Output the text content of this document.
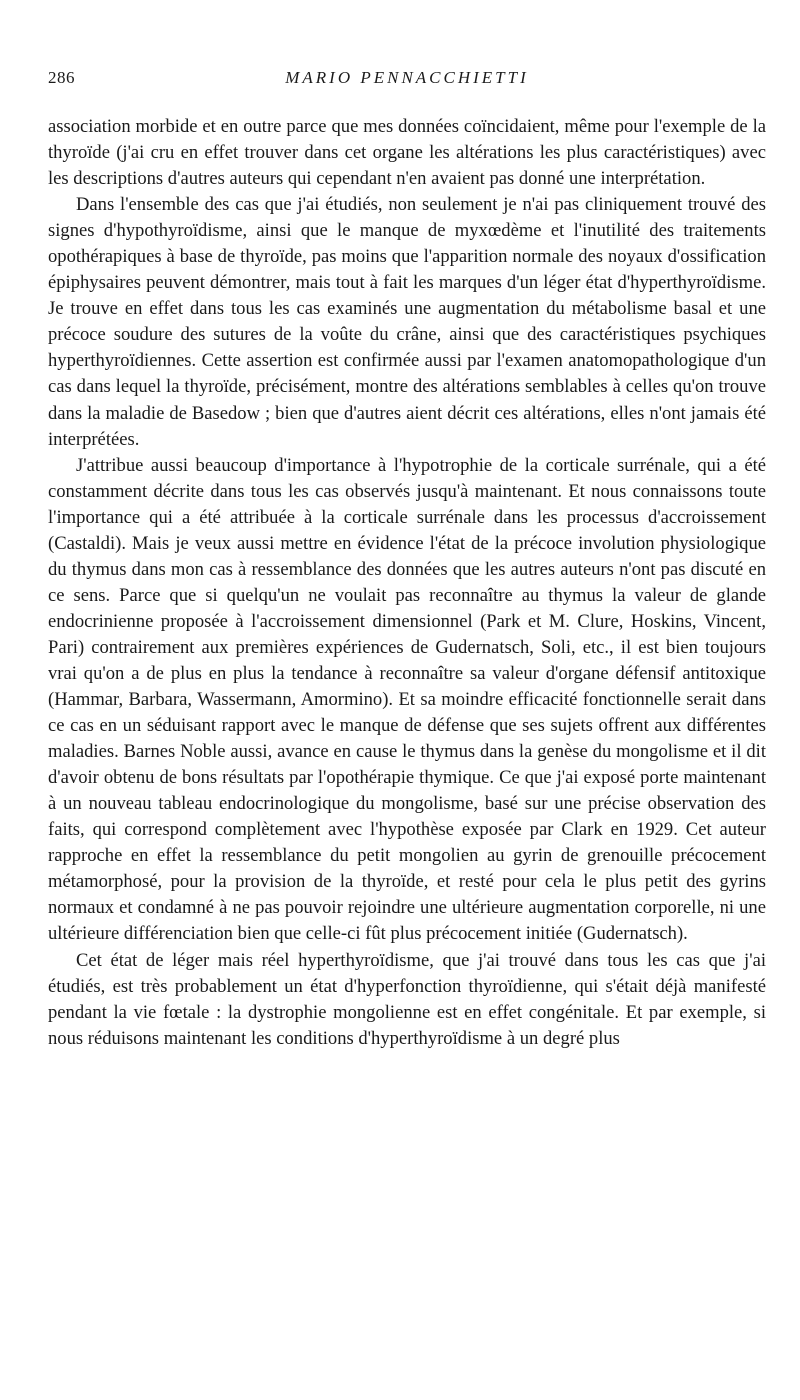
286	MARIO PENNACCHIETTI

association morbide et en outre parce que mes données coïncidaient, même pour l'exemple de la thyroïde (j'ai cru en effet trouver dans cet organe les altérations les plus caractéristiques) avec les descriptions d'autres auteurs qui cependant n'en avaient pas donné une interprétation.

Dans l'ensemble des cas que j'ai étudiés, non seulement je n'ai pas cliniquement trouvé des signes d'hypothyroïdisme, ainsi que le manque de myxœdème et l'inutilité des traitements opothérapiques à base de thyroïde, pas moins que l'apparition normale des noyaux d'ossification épiphysaires peuvent démontrer, mais tout à fait les marques d'un léger état d'hyperthyroïdisme. Je trouve en effet dans tous les cas examinés une augmentation du métabolisme basal et une précoce soudure des sutures de la voûte du crâne, ainsi que des caractéristiques psychiques hyperthyroïdiennes. Cette assertion est confirmée aussi par l'examen anatomopathologique d'un cas dans lequel la thyroïde, précisément, montre des altérations semblables à celles qu'on trouve dans la maladie de Basedow ; bien que d'autres aient décrit ces altérations, elles n'ont jamais été interprétées.

J'attribue aussi beaucoup d'importance à l'hypotrophie de la corticale surrénale, qui a été constamment décrite dans tous les cas observés jusqu'à maintenant. Et nous connaissons toute l'importance qui a été attribuée à la corticale surrénale dans les processus d'accroissement (Castaldi). Mais je veux aussi mettre en évidence l'état de la précoce involution physiologique du thymus dans mon cas à ressemblance des données que les autres auteurs n'ont pas discuté en ce sens. Parce que si quelqu'un ne voulait pas reconnaître au thymus la valeur de glande endocrinienne proposée à l'accroissement dimensionnel (Park et M. Clure, Hoskins, Vincent, Pari) contrairement aux premières expériences de Gudernatsch, Soli, etc., il est bien toujours vrai qu'on a de plus en plus la tendance à reconnaître sa valeur d'organe défensif antitoxique (Hammar, Barbara, Wassermann, Amormino). Et sa moindre efficacité fonctionnelle serait dans ce cas en un séduisant rapport avec le manque de défense que ses sujets offrent aux différentes maladies. Barnes Noble aussi, avance en cause le thymus dans la genèse du mongolisme et il dit d'avoir obtenu de bons résultats par l'opothérapie thymique. Ce que j'ai exposé porte maintenant à un nouveau tableau endocrinologique du mongolisme, basé sur une précise observation des faits, qui correspond complètement avec l'hypothèse exposée par Clark en 1929. Cet auteur rapproche en effet la ressemblance du petit mongolien au gyrin de grenouille précocement métamorphosé, pour la provision de la thyroïde, et resté pour cela le plus petit des gyrins normaux et condamné à ne pas pouvoir rejoindre une ultérieure augmentation corporelle, ni une ultérieure différenciation bien que celle-ci fût plus précocement initiée (Gudernatsch).

Cet état de léger mais réel hyperthyroïdisme, que j'ai trouvé dans tous les cas que j'ai étudiés, est très probablement un état d'hyperfonction thyroïdienne, qui s'était déjà manifesté pendant la vie fœtale : la dystrophie mongolienne est en effet congénitale. Et par exemple, si nous réduisons maintenant les conditions d'hyperthyroïdisme à un degré plus
